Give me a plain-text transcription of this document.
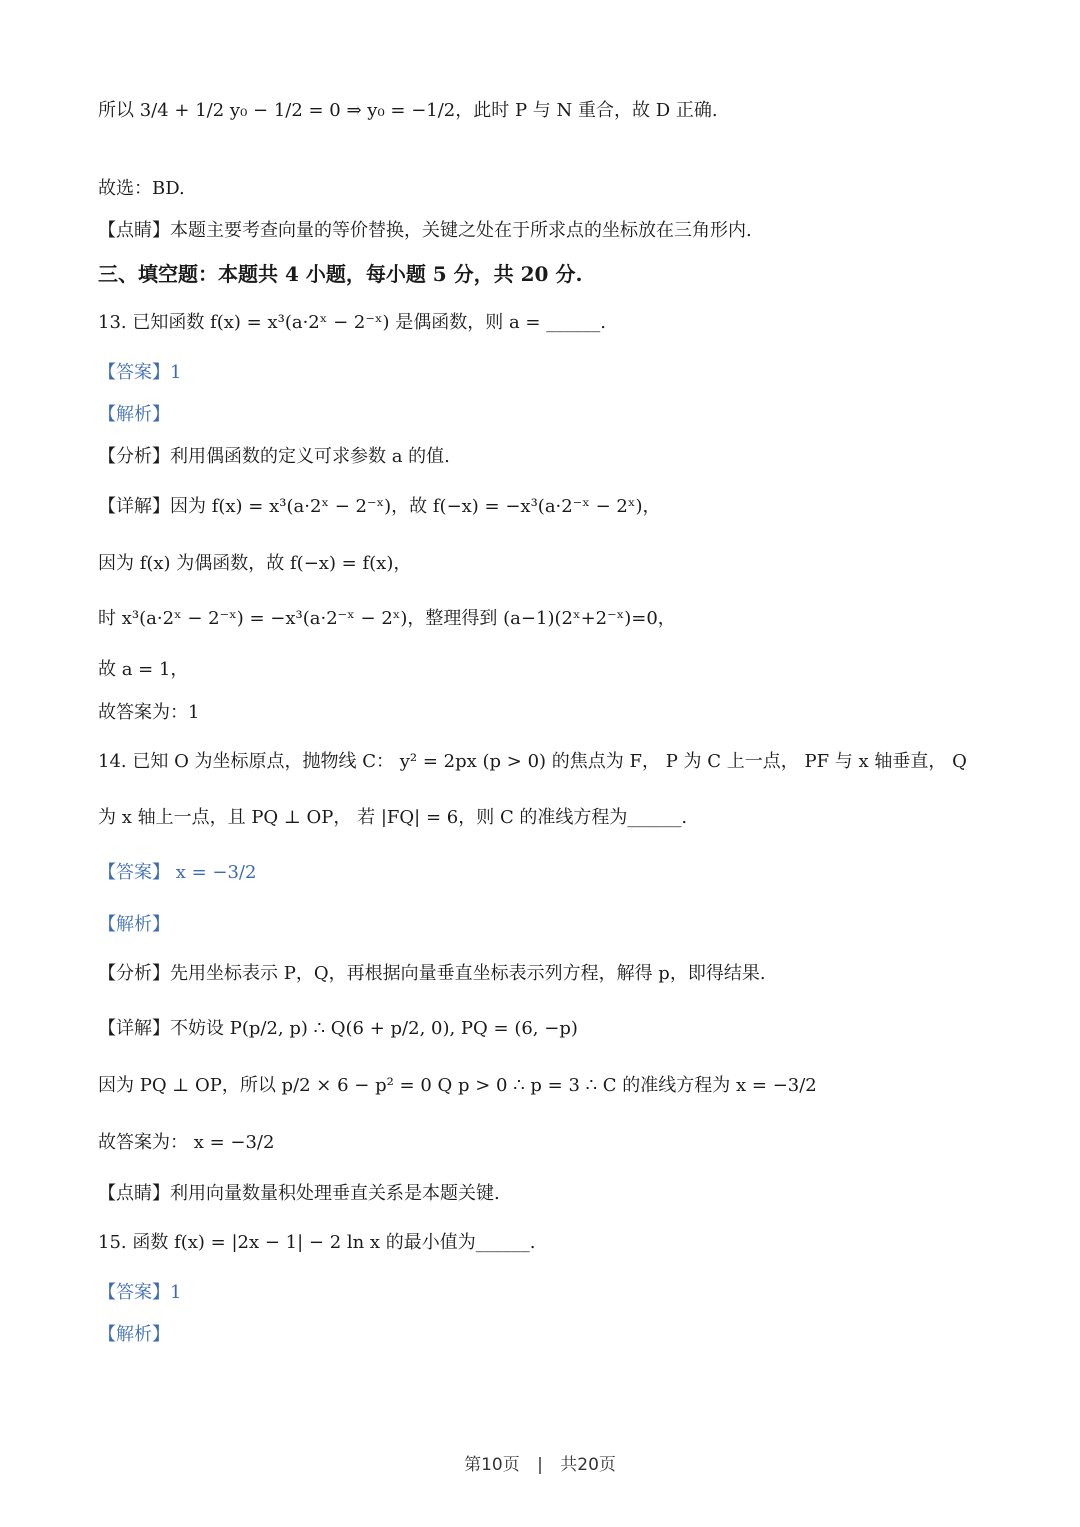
所以 3/4 + 1/2 y₀ − 1/2 = 0 ⇒ y₀ = −1/2，此时 P 与 N 重合，故 D 正确.
故选：BD.
【点睛】本题主要考查向量的等价替换，关键之处在于所求点的坐标放在三角形内.
三、填空题：本题共 4 小题，每小题 5 分，共 20 分.
13. 已知函数 f(x) = x³(a·2ˣ − 2⁻ˣ) 是偶函数，则 a = ______.
【答案】1
【解析】
【分析】利用偶函数的定义可求参数 a 的值.
【详解】因为 f(x) = x³(a·2ˣ − 2⁻ˣ)，故 f(−x) = −x³(a·2⁻ˣ − 2ˣ)，
因为 f(x) 为偶函数，故 f(−x) = f(x)，
时 x³(a·2ˣ − 2⁻ˣ) = −x³(a·2⁻ˣ − 2ˣ)，整理得到 (a−1)(2ˣ+2⁻ˣ)=0，
故 a = 1，
故答案为：1
14. 已知 O 为坐标原点，抛物线 C： y² = 2px (p > 0) 的焦点为 F， P 为 C 上一点， PF 与 x 轴垂直， Q
为 x 轴上一点，且 PQ ⊥ OP， 若 |FQ| = 6，则 C 的准线方程为______.
【答案】 x = −3/2
【解析】
【分析】先用坐标表示 P，Q，再根据向量垂直坐标表示列方程，解得 p，即得结果.
【详解】不妨设 P(p/2, p) ∴ Q(6 + p/2, 0), PQ = (6, −p)
因为 PQ ⊥ OP，所以 p/2 × 6 − p² = 0 Q p > 0 ∴ p = 3 ∴ C 的准线方程为 x = −3/2
故答案为： x = −3/2
【点睛】利用向量数量积处理垂直关系是本题关键.
15. 函数 f(x) = |2x − 1| − 2 ln x 的最小值为______.
【答案】1
【解析】
第10页 | 共20页
